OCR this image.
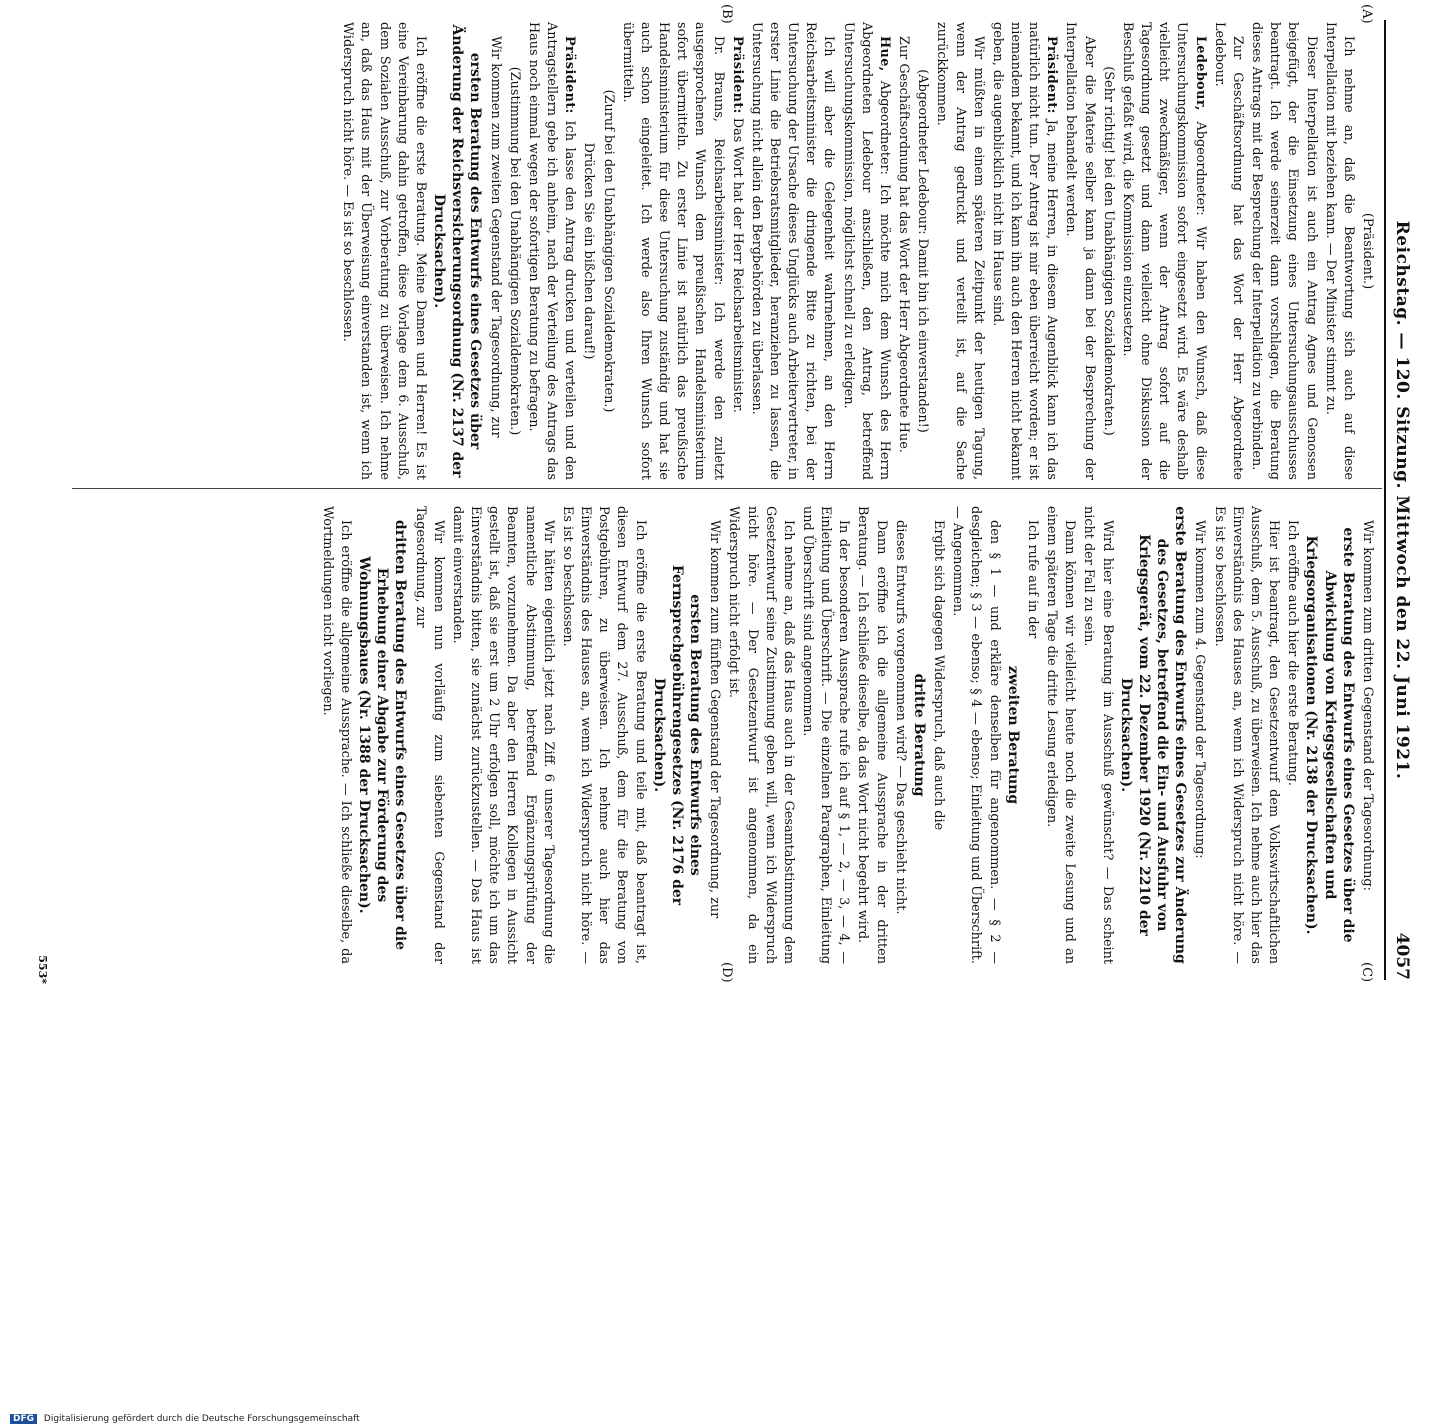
Reichstag. — 120. Sitzung. Mittwoch den 22. Juni 1921.
4057
(A)
(B)
(C)
(D)

(Präsident.)

Ich nehme an, daß die Beantwortung sich auch auf diese Interpellation mit beziehen kann. — Der Minister stimmt zu.

Dieser Interpellation ist auch ein Antrag Agnes und Genossen beigefügt, der die Einsetzung eines Untersuchungsausschusses beantragt. Ich werde seinerzeit dann vorschlagen, die Beratung dieses Antrags mit der Besprechung der Interpellation zu verbinden.

Zur Geschäftsordnung hat das Wort der Herr Abgeordnete Ledebour.

Ledebour, Abgeordneter: Wir haben den Wunsch, daß diese Untersuchungskommission sofort eingesetzt wird. Es wäre deshalb vielleicht zweckmäßiger, wenn der Antrag sofort auf die Tagesordnung gesetzt und dann vielleicht ohne Diskussion der Beschluß gefaßt wird, die Kommission einzusetzen.

(Sehr richtig! bei den Unabhängigen Sozialdemokraten.)

Aber die Materie selber kann ja dann bei der Besprechung der Interpellation behandelt werden.

Präsident: Ja, meine Herren, in diesem Augenblick kann ich das natürlich nicht tun. Der Antrag ist mir eben überreicht worden; er ist niemandem bekannt, und ich kann ihn auch den Herren nicht bekannt geben, die augenblicklich nicht im Hause sind.

Wir müßten in einem späteren Zeitpunkt der heutigen Tagung, wenn der Antrag gedruckt und verteilt ist, auf die Sache zurückkommen.

(Abgeordneter Ledebour: Damit bin ich einverstanden!)

Zur Geschäftsordnung hat das Wort der Herr Abgeordnete Hue.

Hue, Abgeordneter: Ich möchte mich dem Wunsch des Herrn Abgeordneten Ledebour anschließen, den Antrag, betreffend Untersuchungskommission, möglichst schnell zu erledigen.

Ich will aber die Gelegenheit wahrnehmen, an den Herrn Reichsarbeitsminister die dringende Bitte zu richten, bei der Untersuchung der Ursache dieses Unglücks auch Arbeitervertreter, in erster Linie die Betriebsratsmitglieder, heranziehen zu lassen, die Untersuchung nicht allein den Bergbehörden zu überlassen.

Präsident: Das Wort hat der Herr Reichsarbeitsminister.

Dr. Brauns, Reichsarbeitsminister: Ich werde den zuletzt ausgesprochenen Wunsch dem preußischen Handelsministerium sofort übermitteln. Zu erster Linie ist natürlich das preußische Handelsministerium für diese Untersuchung zuständig und hat sie auch schon eingeleitet. Ich werde also Ihren Wunsch sofort übermitteln.

(Zuruf bei den Unabhängigen Sozialdemokraten.)

Drücken Sie ein bißchen darauf!)

Präsident: Ich lasse den Antrag drucken und verteilen und den Antragstellern gebe ich anheim, nach der Verteilung des Antrags das Haus noch einmal wegen der sofortigen Beratung zu befragen.

(Zustimmung bei den Unabhängigen Sozialdemokraten.)

Wir kommen zum zweiten Gegenstand der Tagesordnung, zur

ersten Beratung des Entwurfs eines Gesetzes über Änderung der Reichsversicherungsordnung (Nr. 2137 der Drucksachen).

Ich eröffne die erste Beratung. Meine Damen und Herren! Es ist eine Vereinbarung dahin getroffen, diese Vorlage dem 6. Ausschuß, dem Sozialen Ausschuß, zur Vorberatung zu überweisen. Ich nehme an, daß das Haus mit der Überweisung einverstanden ist, wenn ich Widerspruch nicht höre. — Es ist so beschlossen.

Wir kommen zum dritten Gegenstand der Tagesordnung:

erste Beratung des Entwurfs eines Gesetzes über die Abwicklung von Kriegsgesellschaften und Kriegsorganisationen (Nr. 2138 der Drucksachen).

Ich eröffne auch hier die erste Beratung.

Hier ist beantragt, den Gesetzentwurf dem Volkswirtschaftlichen Ausschuß, dem 5. Ausschuß, zu überweisen. Ich nehme auch hier das Einverständnis des Hauses an, wenn ich Widerspruch nicht höre. — Es ist so beschlossen.

Wir kommen zum 4. Gegenstand der Tagesordnung:

erste Beratung des Entwurfs eines Gesetzes zur Änderung des Gesetzes, betreffend die Ein- und Ausfuhr von Kriegsgerät, vom 22. Dezember 1920 (Nr. 2210 der Drucksachen).

Wird hier eine Beratung im Ausschuß gewünscht? — Das scheint nicht der Fall zu sein.

Dann können wir vielleicht heute noch die zweite Lesung und an einem späteren Tage die dritte Lesung erledigen.

Ich rufe auf in der

zweiten Beratung

den § 1 — und erkläre denselben für angenommen. — § 2 — desgleichen; § 3 — ebenso; § 4 — ebenso; Einleitung und Überschrift. — Angenommen.

Ergibt sich dagegen Widerspruch, daß auch die

dritte Beratung

dieses Entwurfs vorgenommen wird? — Das geschieht nicht.

Dann eröffne ich die allgemeine Aussprache in der dritten Beratung. — Ich schließe dieselbe, da das Wort nicht begehrt wird.

In der besonderen Aussprache rufe ich auf § 1, — 2, — 3, — 4, — Einleitung und Überschrift. — Die einzelnen Paragraphen, Einleitung und Überschrift sind angenommen.

Ich nehme an, daß das Haus auch in der Gesamtabstimmung dem Gesetzentwurf seine Zustimmung geben will, wenn ich Widerspruch nicht höre. — Der Gesetzentwurf ist angenommen, da ein Widerspruch nicht erfolgt ist.

Wir kommen zum fünften Gegenstand der Tagesordnung, zur

ersten Beratung des Entwurfs eines Fernsprechgebührengesetzes (Nr. 2176 der Drucksachen).

Ich eröffne die erste Beratung und teile mit, daß beantragt ist, diesen Entwurf dem 27. Ausschuß, dem für die Beratung von Postgebühren, zu überweisen. Ich nehme auch hier das Einverständnis des Hauses an, wenn ich Widerspruch nicht höre. — Es ist so beschlossen.

Wir hätten eigentlich jetzt nach Ziff. 6 unserer Tagesordnung die namentliche Abstimmung, betreffend Ergänzungsprüfung der Beamten, vorzunehmen. Da aber den Herren Kollegen in Aussicht gestellt ist, daß sie erst um 2 Uhr erfolgen soll, möchte ich um das Einverständnis bitten, sie zunächst zurückzustellen. — Das Haus ist damit einverstanden.

Wir kommen nun vorläufig zum siebenten Gegenstand der Tagesordnung, zur

dritten Beratung des Entwurfs eines Gesetzes über die Erhebung einer Abgabe zur Förderung des Wohnungsbaues (Nr. 1388 der Drucksachen).

Ich eröffne die allgemeine Aussprache. — Ich schließe dieselbe, da Wortmeldungen nicht vorliegen.

553*
DFG Digitalisierung gefördert durch die Deutsche Forschungsgemeinschaft
